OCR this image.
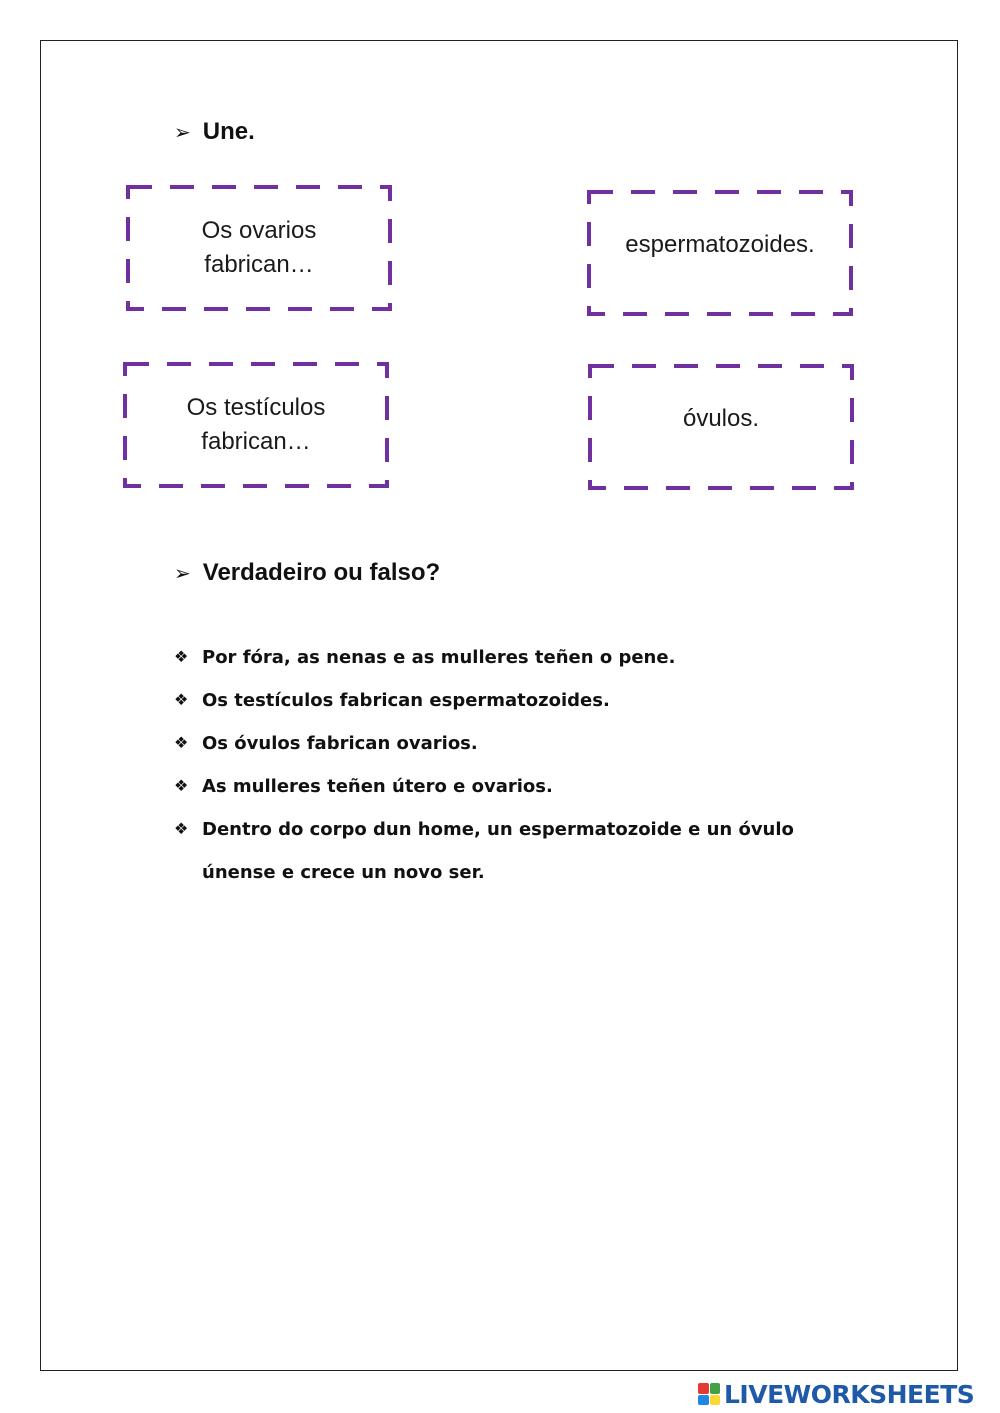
➢ Une.
Os ovarios
fabrican…
espermatozoides.
Os testículos
fabrican…
óvulos.
➢ Verdadeiro ou falso?
❖ Por fóra, as nenas e as mulleres teñen o pene.
❖ Os testículos fabrican espermatozoides.
❖ Os óvulos fabrican ovarios.
❖ As mulleres teñen útero e ovarios.
❖ Dentro do corpo dun home, un espermatozoide e un óvulo
únense e crece un novo ser.
LIVEWORKSHEETS
